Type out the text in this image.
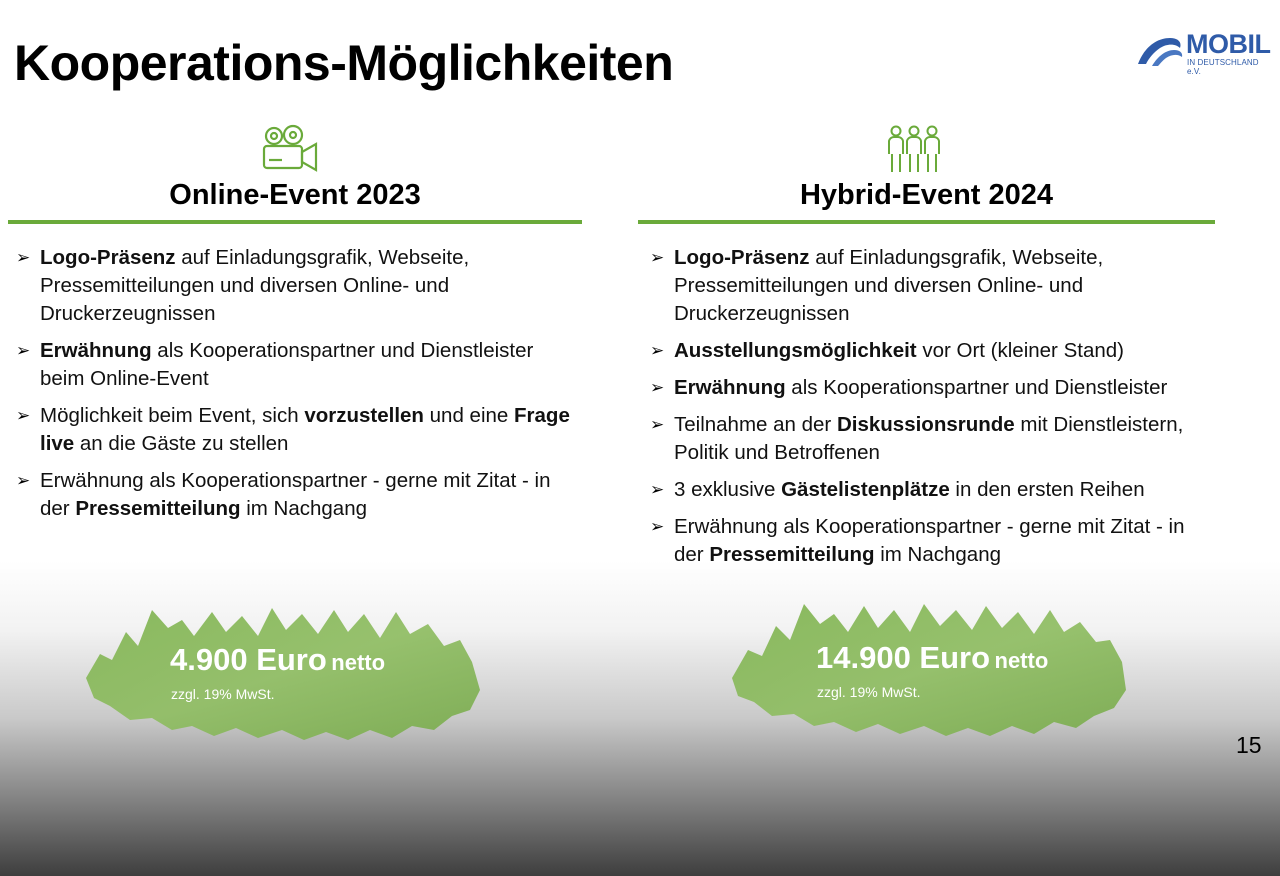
Kooperations-Möglichkeiten	MOBIL
IN DEUTSCHLAND e.V.
Online-Event 2023
➢ Logo-Präsenz auf Einladungsgrafik, Webseite, Pressemitteilungen und diversen Online- und Druckerzeugnissen
➢ Erwähnung als Kooperationspartner und Dienstleister beim Online-Event
➢ Möglichkeit beim Event, sich vorzustellen und eine Frage live an die Gäste zu stellen
➢ Erwähnung als Kooperationspartner - gerne mit Zitat - in der Pressemitteilung im Nachgang
Hybrid-Event 2024
➢ Logo-Präsenz auf Einladungsgrafik, Webseite, Pressemitteilungen und diversen Online- und Druckerzeugnissen
➢ Ausstellungsmöglichkeit vor Ort (kleiner Stand)
➢ Erwähnung als Kooperationspartner und Dienstleister
➢ Teilnahme an der Diskussionsrunde mit Dienstleistern, Politik und Betroffenen
➢ 3 exklusive Gästelistenplätze in den ersten Reihen
➢ Erwähnung als Kooperationspartner - gerne mit Zitat - in der Pressemitteilung im Nachgang
4.900 Euro netto
zzgl. 19% MwSt.
14.900 Euro netto
zzgl. 19% MwSt.
15
